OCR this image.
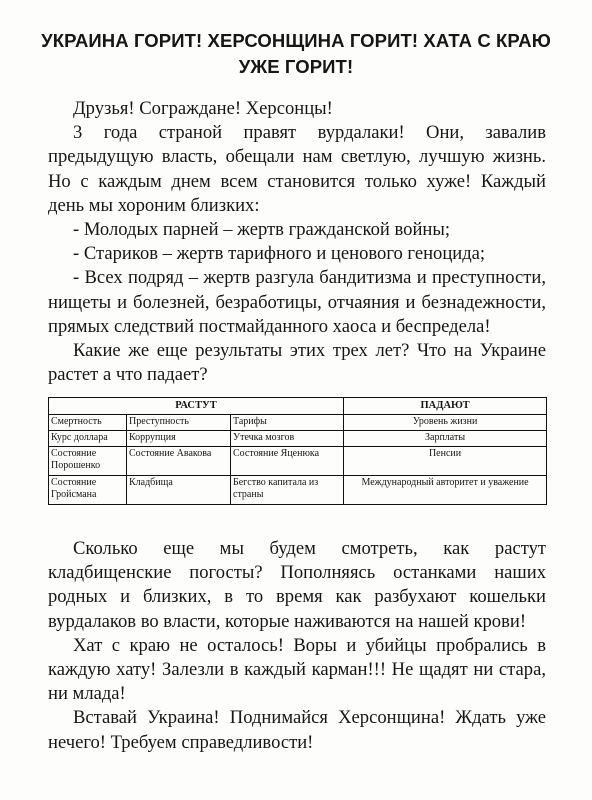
УКРАИНА ГОРИТ! ХЕРСОНЩИНА ГОРИТ! ХАТА С КРАЮ УЖЕ ГОРИТ!

Друзья! Сограждане! Херсонцы!

3 года страной правят вурдалаки! Они, завалив предыдущую власть, обещали нам светлую, лучшую жизнь. Но с каждым днем всем становится только хуже! Каждый день мы хороним близких:

- Молодых парней – жертв гражданской войны;

- Стариков – жертв тарифного и ценового геноцида;

- Всех подряд – жертв разгула бандитизма и преступности, нищеты и болезней, безработицы, отчаяния и безнадежности, прямых следствий постмайданного хаоса и беспредела!

Какие же еще результаты этих трех лет? Что на Украине растет а что падает?

РАСТУТ			ПАДАЮТ
Смертность	Преступность	Тарифы	Уровень жизни
Курс доллара	Коррупция	Утечка мозгов	Зарплаты
Состояние Порошенко	Состояние Авакова	Состояние Яценюка	Пенсии
Состояние Гройсмана	Кладбища	Бегство капитала из страны	Международный авторитет и уважение

Сколько еще мы будем смотреть, как растут кладбищенские погосты? Пополняясь останками наших родных и близких, в то время как разбухают кошельки вурдалаков во власти, которые наживаются на нашей крови!

Хат с краю не осталось! Воры и убийцы пробрались в каждую хату! Залезли в каждый карман!!! Не щадят ни стара, ни млада!

Вставай Украина! Поднимайся Херсонщина! Ждать уже нечего! Требуем справедливости!
